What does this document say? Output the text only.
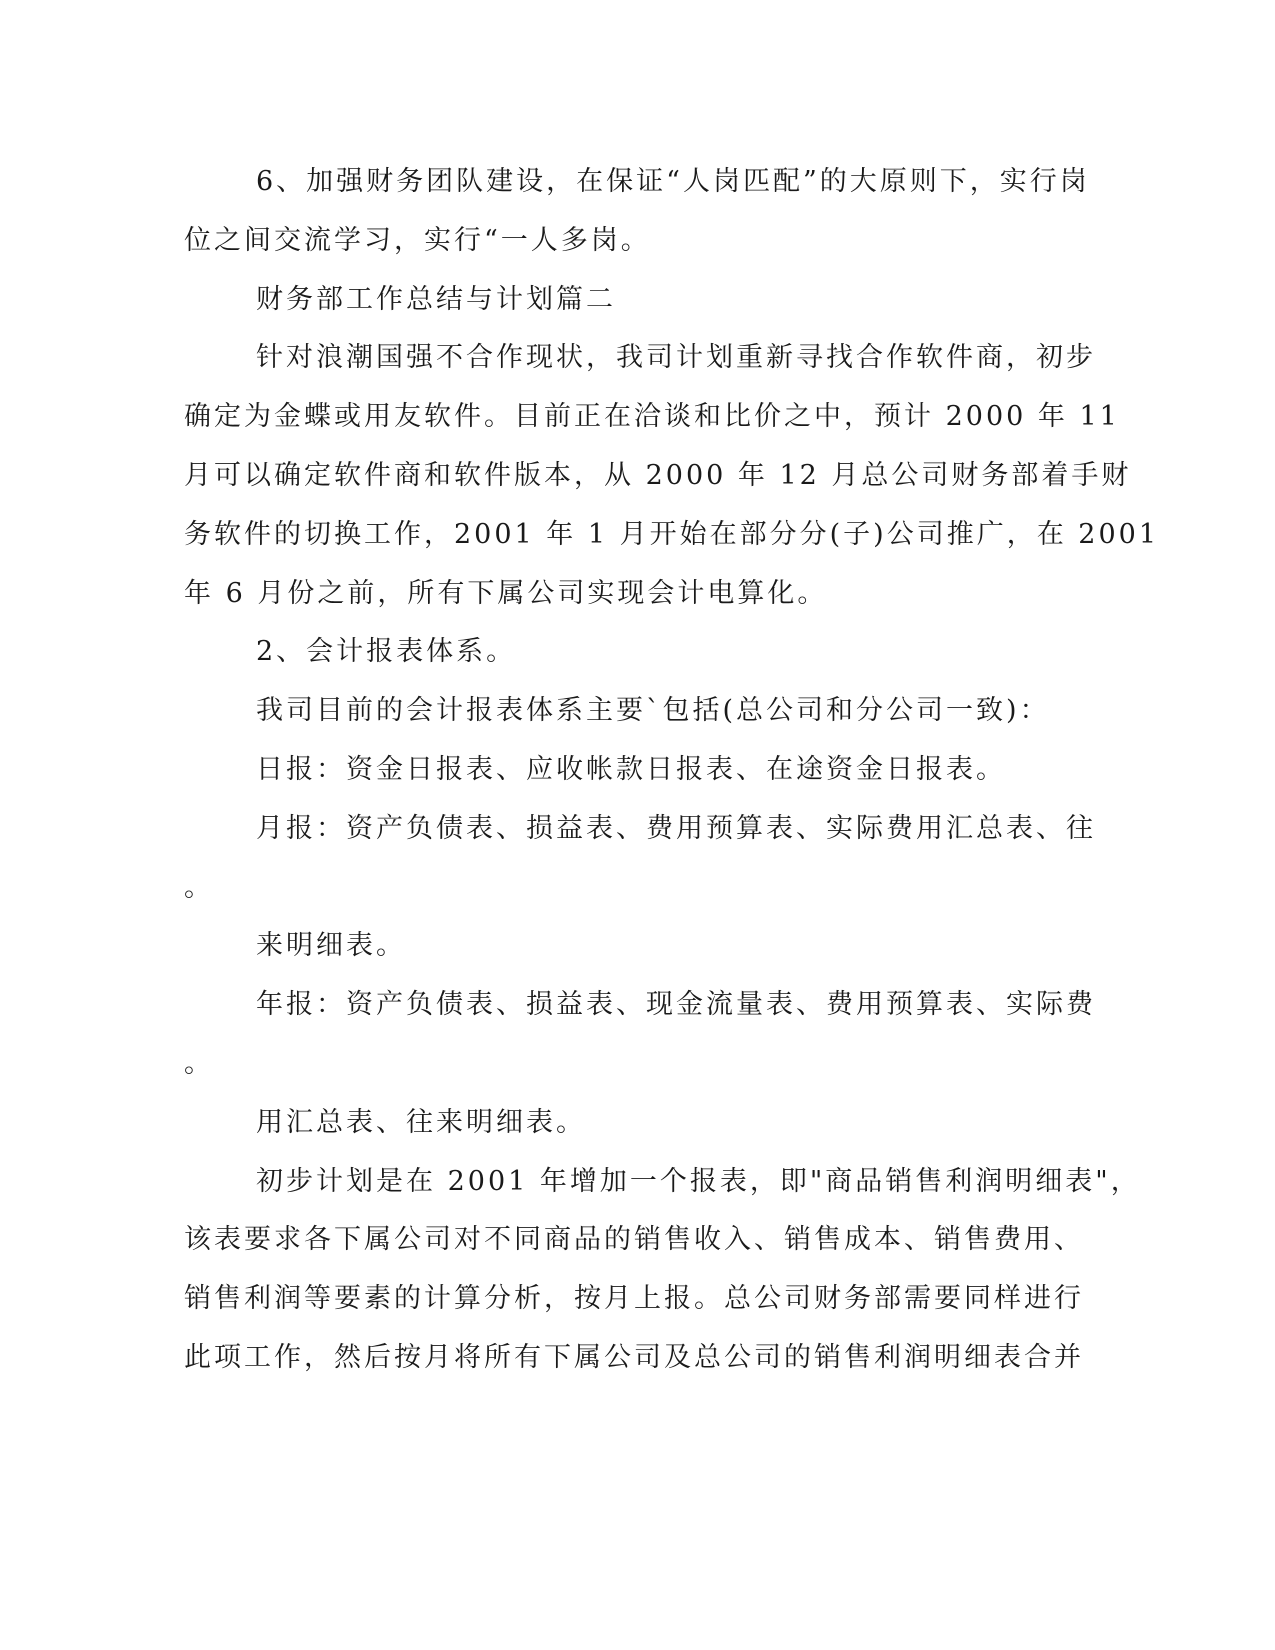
6、加强财务团队建设，在保证“人岗匹配”的大原则下，实行岗
位之间交流学习，实行“一人多岗。
财务部工作总结与计划篇二
针对浪潮国强不合作现状，我司计划重新寻找合作软件商，初步
确定为金蝶或用友软件。目前正在洽谈和比价之中，预计 2000 年 11
月可以确定软件商和软件版本，从 2000 年 12 月总公司财务部着手财
务软件的切换工作，2001 年 1 月开始在部分分(子)公司推广，在 2001
年 6 月份之前，所有下属公司实现会计电算化。
2、会计报表体系。
我司目前的会计报表体系主要`包括(总公司和分公司一致)：
日报：资金日报表、应收帐款日报表、在途资金日报表。
月报：资产负债表、损益表、费用预算表、实际费用汇总表、往
。
来明细表。
年报：资产负债表、损益表、现金流量表、费用预算表、实际费
。
用汇总表、往来明细表。
初步计划是在 2001 年增加一个报表，即"商品销售利润明细表"，
该表要求各下属公司对不同商品的销售收入、销售成本、销售费用、
销售利润等要素的计算分析，按月上报。总公司财务部需要同样进行
此项工作，然后按月将所有下属公司及总公司的销售利润明细表合并
